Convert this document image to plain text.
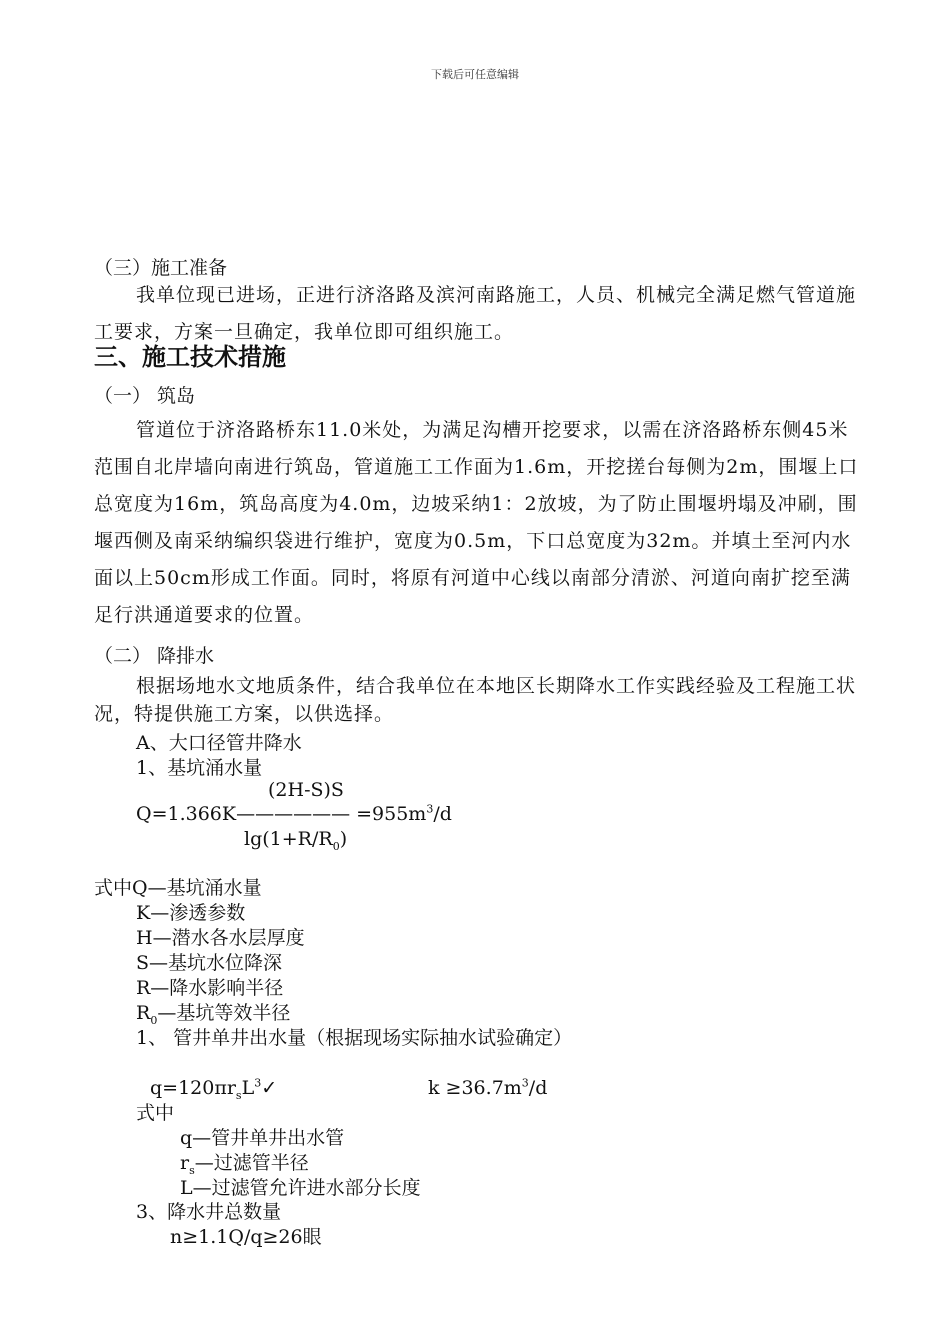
下载后可任意编辑
（三）施工准备
我单位现已进场，正进行济洛路及滨河南路施工，人员、机械完全满足燃气管道施工要求，方案一旦确定，我单位即可组织施工。
三、施工技术措施
（一） 筑岛
管道位于济洛路桥东11.0米处，为满足沟槽开挖要求，以需在济洛路桥东侧45米范围自北岸墙向南进行筑岛，管道施工工作面为1.6m，开挖搓台每侧为2m，围堰上口总宽度为16m，筑岛高度为4.0m，边坡采纳1：2放坡，为了防止围堰坍塌及冲刷，围堰西侧及南采纳编织袋进行维护，宽度为0.5m，下口总宽度为32m。并填土至河内水面以上50cm形成工作面。同时，将原有河道中心线以南部分清淤、河道向南扩挖至满足行洪通道要求的位置。
（二） 降排水
根据场地水文地质条件，结合我单位在本地区长期降水工作实践经验及工程施工状况，特提供施工方案，以供选择。
A、大口径管井降水
1、基坑涌水量
(2H-S)S
Q=1.366K—————— $=955m^3/d$
$\lg(1+R/R_0)$
式中Q—基坑涌水量
K—渗透参数
H—潜水各水层厚度
S—基坑水位降深
R—降水影响半径
$R_0—$基坑等效半径
1、 管井单井出水量（根据现场实际抽水试验确定）
$q=120\pi r_sL^3✓$	$k \ge 36.7m^3/d$
式中
q—管井单井出水管
$r_s—$过滤管半径
L—过滤管允许进水部分长度
3、降水井总数量
n≥1.1Q/q≥26眼
